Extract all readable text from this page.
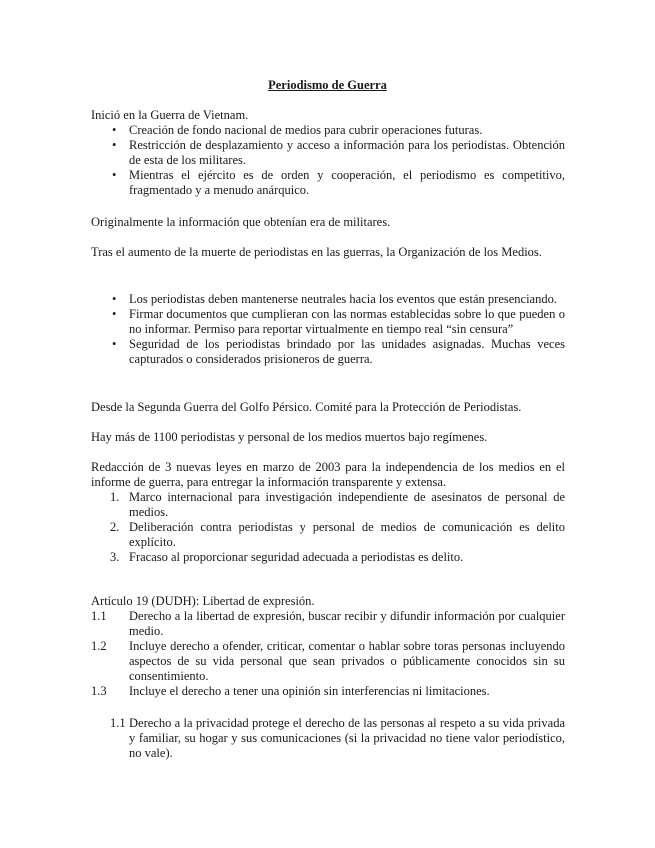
Periodismo de Guerra

Inició en la Guerra de Vietnam.

• Creación de fondo nacional de medios para cubrir operaciones futuras.
• Restricción de desplazamiento y acceso a información para los periodistas. Obtención de esta de los militares.
• Mientras el ejército es de orden y cooperación, el periodismo es competitivo, fragmentado y a menudo anárquico.

Originalmente la información que obtenían era de militares.

Tras el aumento de la muerte de periodistas en las guerras, la Organización de los Medios.

• Los periodistas deben mantenerse neutrales hacia los eventos que están presenciando.
• Firmar documentos que cumplieran con las normas establecidas sobre lo que pueden o no informar. Permiso para reportar virtualmente en tiempo real “sin censura”
• Seguridad de los periodistas brindado por las unidades asignadas. Muchas veces capturados o considerados prisioneros de guerra.

Desde la Segunda Guerra del Golfo Pérsico. Comité para la Protección de Periodistas.

Hay más de 1100 periodistas y personal de los medios muertos bajo regímenes.

Redacción de 3 nuevas leyes en marzo de 2003 para la independencia de los medios en el informe de guerra, para entregar la información transparente y extensa.

1. Marco internacional para investigación independiente de asesinatos de personal de medios.
2. Deliberación contra periodistas y personal de medios de comunicación es delito explícito.
3. Fracaso al proporcionar seguridad adecuada a periodistas es delito.

Artículo 19 (DUDH): Libertad de expresión.

1.1 Derecho a la libertad de expresión, buscar recibir y difundir información por cualquier medio.
1.2 Incluye derecho a ofender, criticar, comentar o hablar sobre toras personas incluyendo aspectos de su vida personal que sean privados o públicamente conocidos sin su consentimiento.
1.3 Incluye el derecho a tener una opinión sin interferencias ni limitaciones.
1.1 Derecho a la privacidad protege el derecho de las personas al respeto a su vida privada y familiar, su hogar y sus comunicaciones (si la privacidad no tiene valor periodístico, no vale).
